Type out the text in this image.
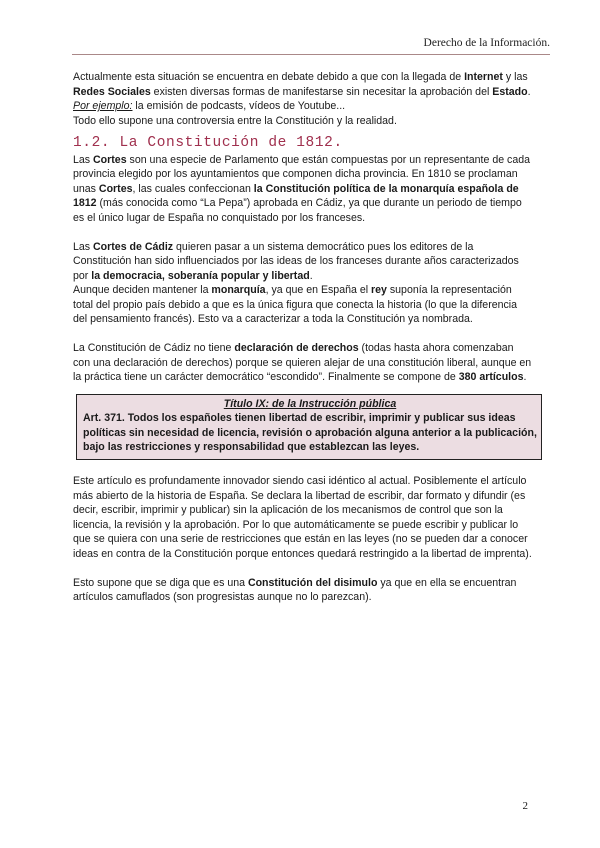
Derecho de la Información.

Actualmente esta situación se encuentra en debate debido a que con la llegada de Internet y las Redes Sociales existen diversas formas de manifestarse sin necesitar la aprobación del Estado. Por ejemplo: la emisión de podcasts, vídeos de Youtube...

Todo ello supone una controversia entre la Constitución y la realidad.

1.2. La Constitución de 1812.

Las Cortes son una especie de Parlamento que están compuestas por un representante de cada provincia elegido por los ayuntamientos que componen dicha provincia. En 1810 se proclaman unas Cortes, las cuales confeccionan la Constitución política de la monarquía española de 1812 (más conocida como “La Pepa”) aprobada en Cádiz, ya que durante un periodo de tiempo es el único lugar de España no conquistado por los franceses.

Las Cortes de Cádiz quieren pasar a un sistema democrático pues los editores de la Constitución han sido influenciados por las ideas de los franceses durante años caracterizados por la democracia, soberanía popular y libertad.

Aunque deciden mantener la monarquía, ya que en España el rey suponía la representación total del propio país debido a que es la única figura que conecta la historia (lo que la diferencia del pensamiento francés). Esto va a caracterizar a toda la Constitución ya nombrada.

La Constitución de Cádiz no tiene declaración de derechos (todas hasta ahora comenzaban con una declaración de derechos) porque se quieren alejar de una constitución liberal, aunque en la práctica tiene un carácter democrático “escondido”. Finalmente se compone de 380 artículos.

Título IX: de la Instrucción pública
Art. 371. Todos los españoles tienen libertad de escribir, imprimir y publicar sus ideas políticas sin necesidad de licencia, revisión o aprobación alguna anterior a la publicación, bajo las restricciones y responsabilidad que establezcan las leyes.

Este artículo es profundamente innovador siendo casi idéntico al actual. Posiblemente el artículo más abierto de la historia de España. Se declara la libertad de escribir, dar formato y difundir (es decir, escribir, imprimir y publicar) sin la aplicación de los mecanismos de control que son la licencia, la revisión y la aprobación. Por lo que automáticamente se puede escribir y publicar lo que se quiera con una serie de restricciones que están en las leyes (no se pueden dar a conocer ideas en contra de la Constitución porque entonces quedará restringido a la libertad de imprenta).

Esto supone que se diga que es una Constitución del disimulo ya que en ella se encuentran artículos camuflados (son progresistas aunque no lo parezcan).

2
